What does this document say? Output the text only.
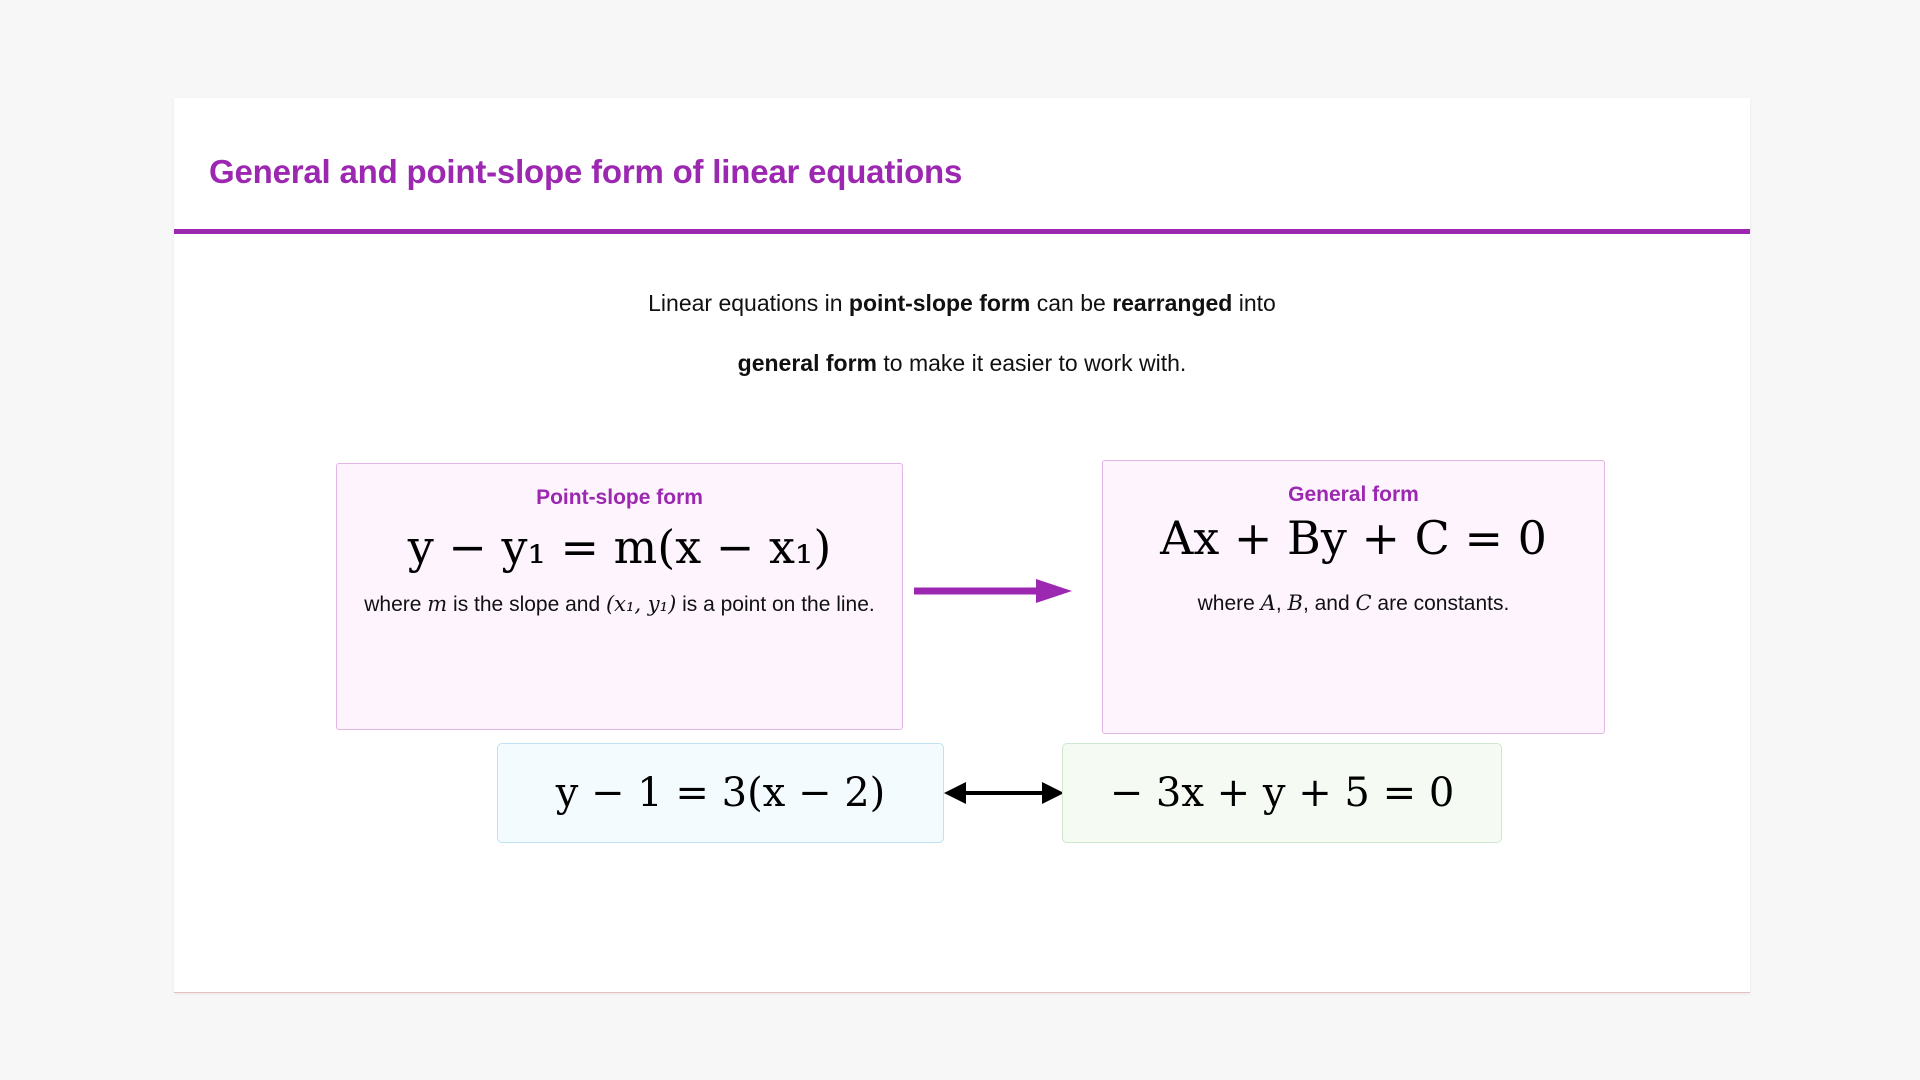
General and point-slope form of linear equations
Linear equations in point-slope form can be rearranged into
general form to make it easier to work with.
Point-slope form
y − y₁ = m(x − x₁)
where m is the slope and (x₁, y₁) is a point on the line.
General form
Ax + By + C = 0
where A, B, and C are constants.
y − 1 = 3(x − 2)	− 3x + y + 5 = 0
